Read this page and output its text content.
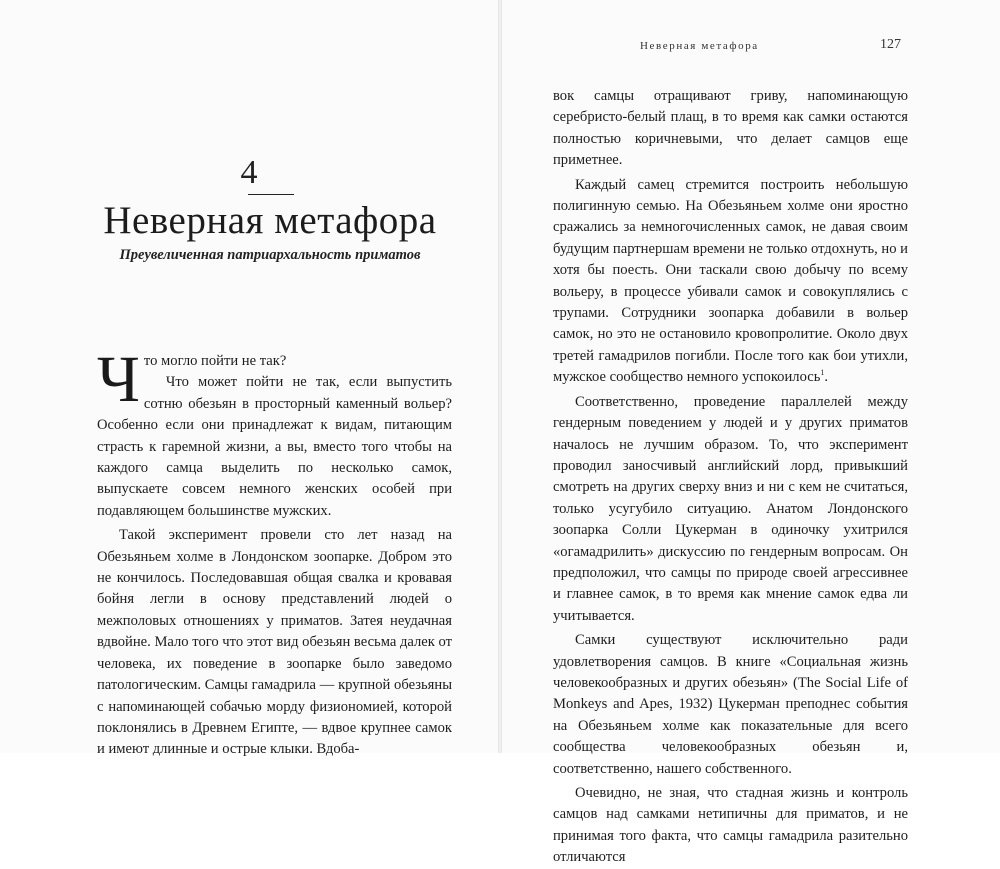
4
Неверная метафора
Преувеличенная патриархальность приматов
Ч то могло пойти не так?

Что может пойти не так, если выпустить сотню обезьян в просторный каменный вольер? Особенно если они принадлежат к видам, питающим страсть к гаремной жизни, а вы, вместо того чтобы на каждого самца выделить по несколько самок, выпускаете совсем немного женских особей при подавляющем большинстве мужских.

Такой эксперимент провели сто лет назад на Обезьяньем холме в Лондонском зоопарке. Добром это не кончилось. Последовавшая общая свалка и кровавая бойня легли в основу представлений людей о межполовых отношениях у приматов. Затея неудачная вдвойне. Мало того что этот вид обезьян весьма далек от человека, их поведение в зоопарке было заведомо патологическим. Самцы гамадрила — крупной обезьяны с напоминающей собачью морду физиономией, которой поклонялись в Древнем Египте, — вдвое крупнее самок и имеют длинные и острые клыки. Вдоба-

Неверная метафора	127

вок самцы отращивают гриву, напоминающую серебристо-белый плащ, в то время как самки остаются полностью коричневыми, что делает самцов еще приметнее.

Каждый самец стремится построить небольшую полигинную семью. На Обезьяньем холме они яростно сражались за немногочисленных самок, не давая своим будущим партнершам времени не только отдохнуть, но и хотя бы поесть. Они таскали свою добычу по всему вольеру, в процессе убивали самок и совокуплялись с трупами. Сотрудники зоопарка добавили в вольер самок, но это не остановило кровопролитие. Около двух третей гамадрилов погибли. После того как бои утихли, мужское сообщество немного успокоилось$^1$.

Соответственно, проведение параллелей между гендерным поведением у людей и у других приматов началось не лучшим образом. То, что эксперимент проводил заносчивый английский лорд, привыкший смотреть на других сверху вниз и ни с кем не считаться, только усугубило ситуацию. Анатом Лондонского зоопарка Солли Цукерман в одиночку ухитрился «огамадрилить» дискуссию по гендерным вопросам. Он предположил, что самцы по природе своей агрессивнее и главнее самок, в то время как мнение самок едва ли учитывается.

Самки существуют исключительно ради удовлетворения самцов. В книге «Социальная жизнь человекообразных и других обезьян» (The Social Life of Monkeys and Apes, 1932) Цукерман преподнес события на Обезьяньем холме как показательные для всего сообщества человекообразных обезьян и, соответственно, нашего собственного.

Очевидно, не зная, что стадная жизнь и контроль самцов над самками нетипичны для приматов, и не принимая того факта, что самцы гамадрила разительно отличаются
